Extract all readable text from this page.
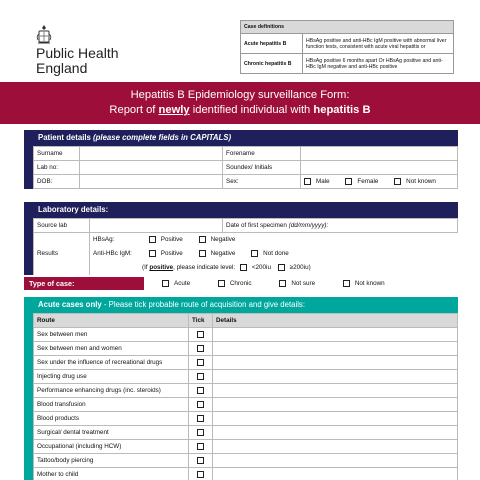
Public Health
England
Case definitions	
Acute hepatitis B	HBsAg positive and anti-HBc IgM positive with abnormal liver function tests, consistent with acute viral hepatitis or
Chronic hepatitis B	HBsAg positive 6 months apart Or HBsAg positive and anti-HBc IgM negative and anti-HBc positive
Hepatitis B Epidemiology surveillance Form:
Report of newly identified individual with hepatitis B
Patient details (please complete fields in CAPITALS)
Surname		Forename	
Lab no:		Soundex/ Initials	
DOB:		Sex:	Male Female Not known
Laboratory details:
Source lab		Date of first specimen (dd/mm/yyyy):
Results	HBsAg: Positive Negative	
	Anti-HBc IgM: Positive Negative Not done	
	(If positive, please indicate level: <200iu ≥200iu)	
Type of case:	Acute	Chronic	Not sure	Not known
Acute cases only - Please tick probable route of acquisition and give details:
Route	Tick	Details
Sex between men		
Sex between men and women		
Sex under the influence of recreational drugs		
Injecting drug use		
Performance enhancing drugs (inc. steroids)		
Blood transfusion		
Blood products		
Surgical/ dental treatment		
Occupational (including HCW)		
Tattoo/body piercing		
Mother to child		
